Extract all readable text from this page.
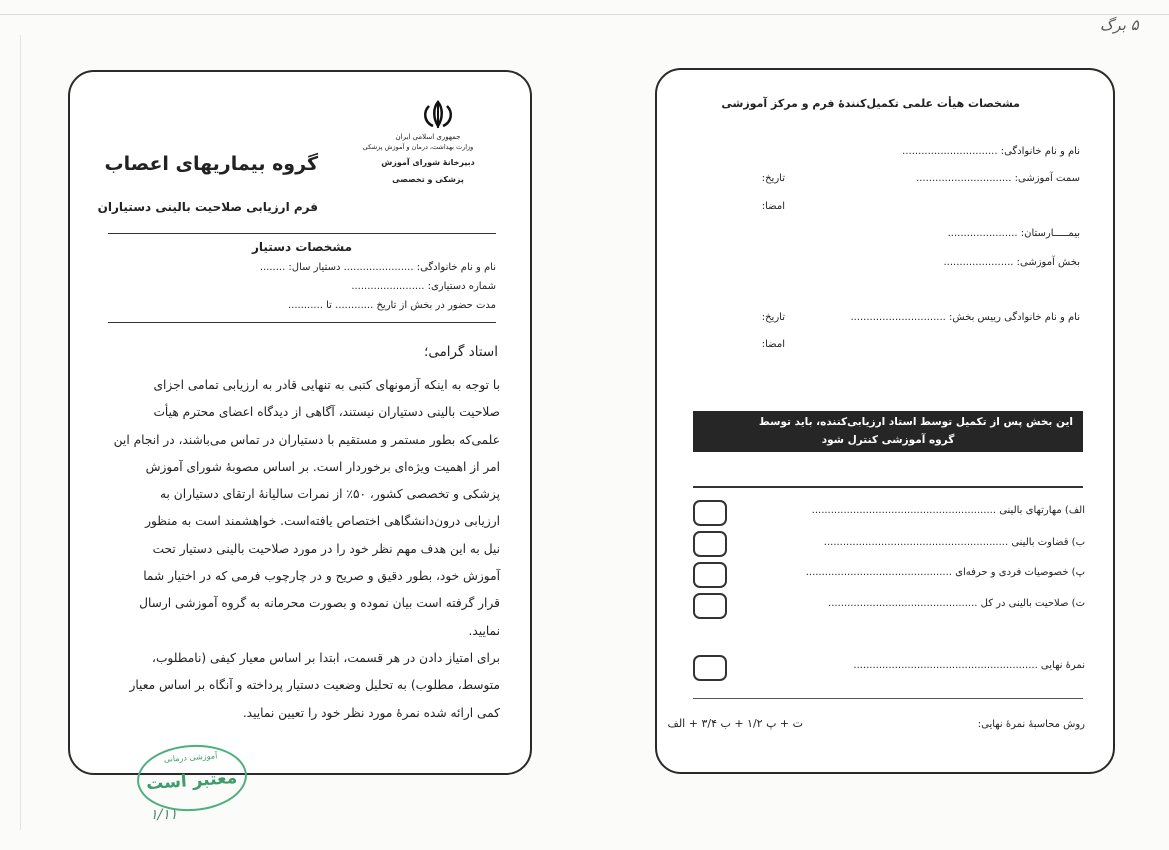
۵ برگ
جمهوری اسلامی ایران
وزارت بهداشت، درمان و آموزش پزشکی
دبیرخانهٔ شورای آموزش
پزشکی و تخصصی
گروه بیماریهای اعصاب
فرم ارزیابی صلاحیت بالینی دستیاران
مشخصات دستیار
نام و نام خانوادگی: ...................... دستیار سال: ........
شماره دستیاری: .......................
مدت حضور در بخش از تاریخ ............ تا ...........
استاد گرامی؛
با توجه به اینکه آزمونهای کتبی به تنهایی قادر به ارزیابی تمامی اجزای
صلاحیت بالینی دستیاران نیستند، آگاهی از دیدگاه اعضای محترم هیأت
علمی‌که بطور مستمر و مستقیم با دستیاران در تماس می‌باشند، در انجام این
امر از اهمیت ویژه‌ای برخوردار است. بر اساس مصوبهٔ شورای آموزش
پزشکی و تخصصی کشور، ۵۰٪ از نمرات سالیانهٔ ارتقای دستیاران به
ارزیابی درون‌دانشگاهی اختصاص یافته‌است. خواهشمند است به منظور
نیل به این هدف مهم نظر خود را در مورد صلاحیت بالینی دستیار تحت
آموزش خود، بطور دقیق و صریح و در چارچوب فرمی که در اختیار شما
قرار گرفته است بیان نموده و بصورت محرمانه به گروه آموزشی ارسال
نمایید.
برای امتیاز دادن در هر قسمت، ابتدا بر اساس معیار کیفی (نامطلوب،
متوسط، مطلوب) به تحلیل وضعیت دستیار پرداخته و آنگاه بر اساس معیار
کمی ارائه شده نمرهٔ مورد نظر خود را تعیین نمایید.
آموزشی درمانی
معتبر است
۱/۱۱
مشخصات هیأت علمی تکمیل‌کنندهٔ فرم و مرکز آموزشی
نام و نام خانوادگی: ..............................
سمت آموزشی: ..............................
تاریخ:
امضا:
بیمـــــارستان: ......................
بخش آموزشی: ......................
نام و نام خانوادگی رییس بخش: ..............................
تاریخ:
امضا:
این بخش پس از تکمیل توسط استاد ارزیابی‌کننده، باید توسط
گروه آموزشی کنترل شود
الف) مهارتهای بالینی ..........................................................
ب) قضاوت بالینی ..........................................................
پ) خصوصیات فردی و حرفه‌ای ..............................................
ت) صلاحیت بالینی در کل ...............................................
نمرهٔ نهایی ..........................................................
روش محاسبهٔ نمرهٔ نهایی:
ت + پ ۱/۲ + ب ۳/۴ + الف
